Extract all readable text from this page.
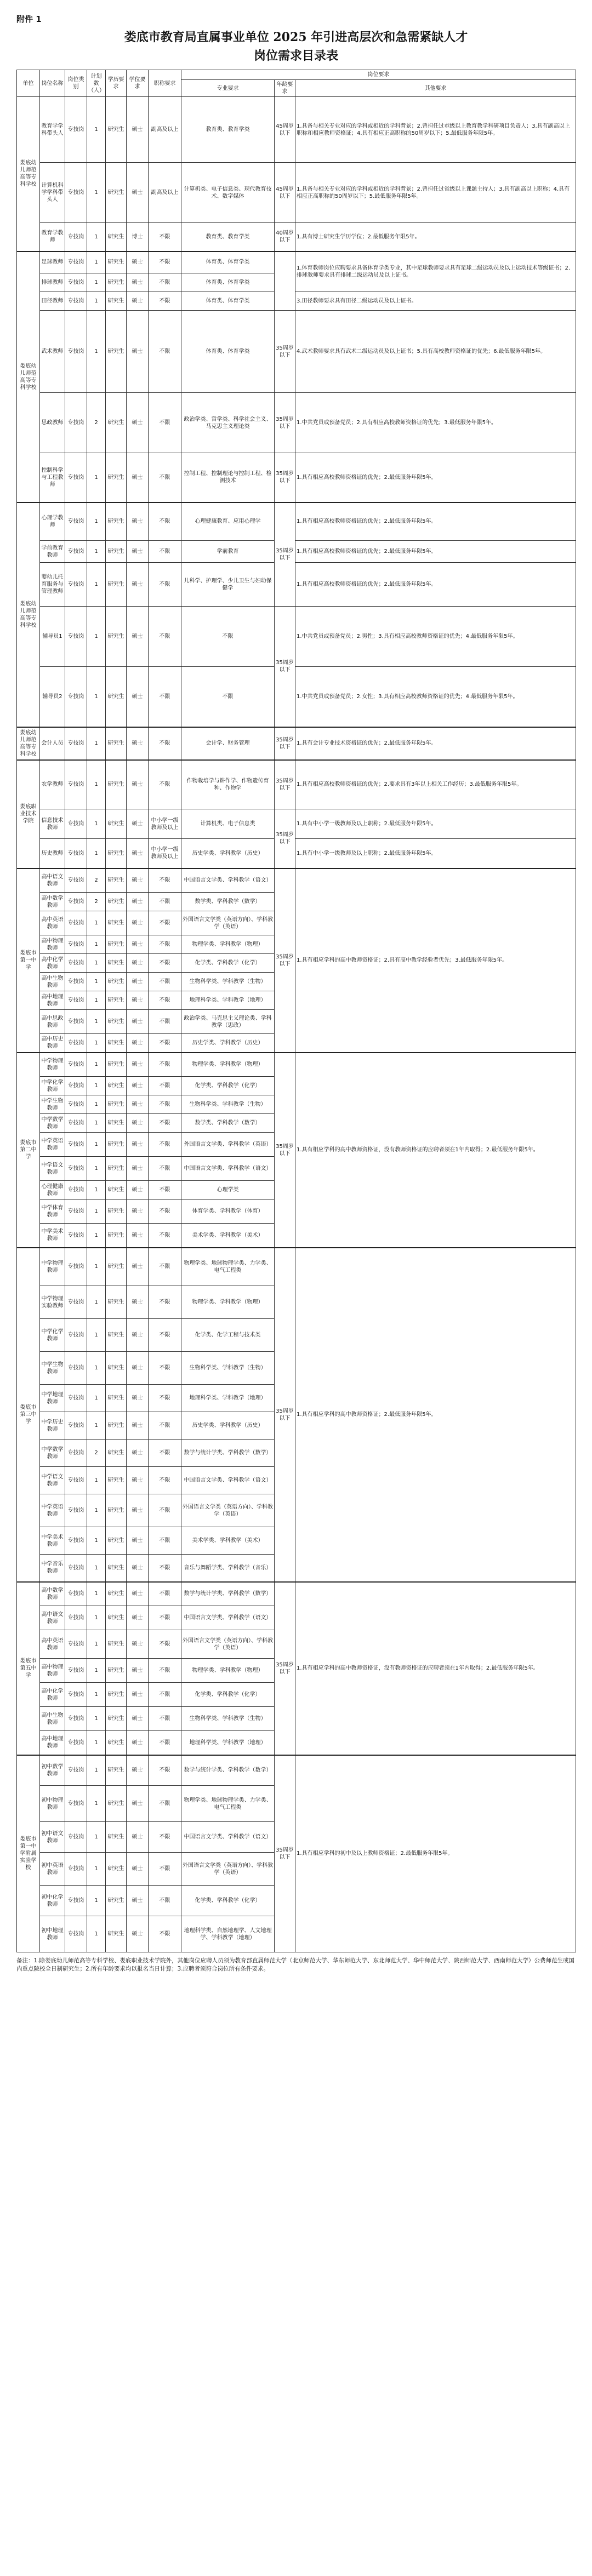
附件 1
娄底市教育局直属事业单位 2025 年引进高层次和急需紧缺人才
岗位需求目录表
单位	岗位名称	岗位类别	计划数（人）	学历要求	学位要求	职称要求	岗位要求		
							专业要求	年龄要求	其他要求
娄底幼儿师范高等专科学校	教育学学科带头人	专技岗	1	研究生	硕士	副高及以上	教育类、教育学类	45周岁以下	1.具备与相关专业对应的学科或相近的学科背景；2.曾担任过市级以上教育教学科研项目负责人；3.具有副高以上职称和相应教师资格证；4.具有相应正高职称的50周岁以下；5.最低服务年限5年。
	计算机科学学科带头人	专技岗	1	研究生	硕士	副高及以上	计算机类、电子信息类、现代教育技术、数字媒体	45周岁以下	1.具备与相关专业对应的学科或相近的学科背景；2.曾担任过省级以上课题主持人；3.具有副高以上职称；4.具有相应正高职称的50周岁以下；5.最低服务年限5年。
	教育学教师	专技岗	1	研究生	博士	不限	教育类、教育学类	40周岁以下	1.具有博士研究生学历学位；2.最低服务年限5年。
娄底幼儿师范高等专科学校	足球教师	专技岗	1	研究生	硕士	不限	体育类、体育学类		1.体育教师岗位应聘要求具备体育学类专业，其中足球教师要求具有足球二级运动员及以上运动技术等级证书；2.排球教师要求具有排球二级运动员及以上证书。
	排球教师	专技岗	1	研究生	硕士	不限	体育类、体育学类		
	田径教师	专技岗	1	研究生	硕士	不限	体育类、体育学类		3.田径教师要求具有田径二级运动员及以上证书。
	武术教师	专技岗	1	研究生	硕士	不限	体育类、体育学类	35周岁以下	4.武术教师要求具有武术二级运动员及以上证书；5.具有高校教师资格证的优先；6.最低服务年限5年。
	思政教师	专技岗	2	研究生	硕士	不限	政治学类、哲学类、科学社会主义、马克思主义理论类	35周岁以下	1.中共党员或预备党员；2.具有相应高校教师资格证的优先；3.最低服务年限5年。
	控制科学与工程教师	专技岗	1	研究生	硕士	不限	控制工程、控制理论与控制工程、检测技术	35周岁以下	1.具有相应高校教师资格证的优先；2.最低服务年限5年。
娄底幼儿师范高等专科学校	心理学教师	专技岗	1	研究生	硕士	不限	心理健康教育、应用心理学	35周岁以下	1.具有相应高校教师资格证的优先；2.最低服务年限5年。
	学前教育教师	专技岗	1	研究生	硕士	不限	学前教育		1.具有相应高校教师资格证的优先；2.最低服务年限5年。
	婴幼儿托育服务与管理教师	专技岗	1	研究生	硕士	不限	儿科学、护理学、少儿卫生与妇幼保健学		1.具有相应高校教师资格证的优先；2.最低服务年限5年。
	辅导员1	专技岗	1	研究生	硕士	不限	不限	35周岁以下	1.中共党员或预备党员；2.男性；3.具有相应高校教师资格证的优先；4.最低服务年限5年。
	辅导员2	专技岗	1	研究生	硕士	不限	不限		1.中共党员或预备党员；2.女性；3.具有相应高校教师资格证的优先；4.最低服务年限5年。
娄底幼儿师范高等专科学校	会计人员	专技岗	1	研究生	硕士	不限	会计学、财务管理	35周岁以下	1.具有会计专业技术资格证的优先；2.最低服务年限5年。
娄底职业技术学院	农学教师	专技岗	1	研究生	硕士	不限	作物栽培学与耕作学、作物遗传育种、作物学	35周岁以下	1.具有相应高校教师资格证的优先；2.要求具有3年以上相关工作经历；3.最低服务年限5年。
	信息技术教师	专技岗	1	研究生	硕士	中小学一级教师及以上	计算机类、电子信息类	35周岁以下	1.具有中小学一级教师及以上职称；2.最低服务年限5年。
	历史教师	专技岗	1	研究生	硕士	中小学一级教师及以上	历史学类、学科教学（历史）		1.具有中小学一级教师及以上职称；2.最低服务年限5年。
娄底市第一中学	高中语文教师	专技岗	2	研究生	硕士	不限	中国语言文学类、学科教学（语文）	35周岁以下	1.具有相应学科的高中教师资格证；2.具有高中教学经验者优先；3.最低服务年限5年。
	高中数学教师	专技岗	2	研究生	硕士	不限	数学类、学科教学（数学）		
	高中英语教师	专技岗	1	研究生	硕士	不限	外国语言文学类（英语方向）、学科教学（英语）		
	高中物理教师	专技岗	1	研究生	硕士	不限	物理学类、学科教学（物理）		
	高中化学教师	专技岗	1	研究生	硕士	不限	化学类、学科教学（化学）		
	高中生物教师	专技岗	1	研究生	硕士	不限	生物科学类、学科教学（生物）		
	高中地理教师	专技岗	1	研究生	硕士	不限	地理科学类、学科教学（地理）		
	高中思政教师	专技岗	1	研究生	硕士	不限	政治学类、马克思主义理论类、学科教学（思政）		
	高中历史教师	专技岗	1	研究生	硕士	不限	历史学类、学科教学（历史）		
娄底市第二中学	中学物理教师	专技岗	1	研究生	硕士	不限	物理学类、学科教学（物理）	35周岁以下	1.具有相应学科的高中教师资格证，没有教师资格证的应聘者须在1年内取得；2.最低服务年限5年。
	中学化学教师	专技岗	1	研究生	硕士	不限	化学类、学科教学（化学）		
	中学生物教师	专技岗	1	研究生	硕士	不限	生物科学类、学科教学（生物）		
	中学数学教师	专技岗	1	研究生	硕士	不限	数学类、学科教学（数学）		
	中学英语教师	专技岗	1	研究生	硕士	不限	外国语言文学类、学科教学（英语）		
	中学语文教师	专技岗	1	研究生	硕士	不限	中国语言文学类、学科教学（语文）		
	心理健康教师	专技岗	1	研究生	硕士	不限	心理学类		
	中学体育教师	专技岗	1	研究生	硕士	不限	体育学类、学科教学（体育）		
	中学美术教师	专技岗	1	研究生	硕士	不限	美术学类、学科教学（美术）		
娄底市第三中学	中学物理教师	专技岗	1	研究生	硕士	不限	物理学类、地球物理学类、力学类、电气工程类	35周岁以下	1.具有相应学科的高中教师资格证；2.最低服务年限5年。
	中学物理实验教师	专技岗	1	研究生	硕士	不限	物理学类、学科教学（物理）		
	中学化学教师	专技岗	1	研究生	硕士	不限	化学类、化学工程与技术类		
	中学生物教师	专技岗	1	研究生	硕士	不限	生物科学类、学科教学（生物）		
	中学地理教师	专技岗	1	研究生	硕士	不限	地理科学类、学科教学（地理）		
	中学历史教师	专技岗	1	研究生	硕士	不限	历史学类、学科教学（历史）		
	中学数学教师	专技岗	2	研究生	硕士	不限	数学与统计学类、学科教学（数学）		
	中学语文教师	专技岗	1	研究生	硕士	不限	中国语言文学类、学科教学（语文）		
	中学英语教师	专技岗	1	研究生	硕士	不限	外国语言文学类（英语方向）、学科教学（英语）		
	中学美术教师	专技岗	1	研究生	硕士	不限	美术学类、学科教学（美术）		
	中学音乐教师	专技岗	1	研究生	硕士	不限	音乐与舞蹈学类、学科教学（音乐）		
娄底市第五中学	高中数学教师	专技岗	1	研究生	硕士	不限	数学与统计学类、学科教学（数学）	35周岁以下	1.具有相应学科的高中教师资格证，没有教师资格证的应聘者须在1年内取得；2.最低服务年限5年。
	高中语文教师	专技岗	1	研究生	硕士	不限	中国语言文学类、学科教学（语文）		
	高中英语教师	专技岗	1	研究生	硕士	不限	外国语言文学类（英语方向）、学科教学（英语）		
	高中物理教师	专技岗	1	研究生	硕士	不限	物理学类、学科教学（物理）		
	高中化学教师	专技岗	1	研究生	硕士	不限	化学类、学科教学（化学）		
	高中生物教师	专技岗	1	研究生	硕士	不限	生物科学类、学科教学（生物）		
	高中地理教师	专技岗	1	研究生	硕士	不限	地理科学类、学科教学（地理）		
娄底市第一中学附属实验学校	初中数学教师	专技岗	1	研究生	硕士	不限	数学与统计学类、学科教学（数学）	35周岁以下	1.具有相应学科的初中及以上教师资格证；2.最低服务年限5年。
	初中物理教师	专技岗	1	研究生	硕士	不限	物理学类、地球物理学类、力学类、电气工程类		
	初中语文教师	专技岗	1	研究生	硕士	不限	中国语言文学类、学科教学（语文）		
	初中英语教师	专技岗	1	研究生	硕士	不限	外国语言文学类（英语方向）、学科教学（英语）		
	初中化学教师	专技岗	1	研究生	硕士	不限	化学类、学科教学（化学）		
	初中地理教师	专技岗	1	研究生	硕士	不限	地理科学类、自然地理学、人文地理学、学科教学（地理）		
备注：1.除娄底幼儿师范高等专科学校、娄底职业技术学院外，其他岗位应聘人员须为教育部直属师范大学（北京师范大学、华东师范大学、东北师范大学、华中师范大学、陕西师范大学、西南师范大学）公费师范生或国内重点院校全日制研究生；2.所有年龄要求均以报名当日计算；3.应聘者须符合岗位所有条件要求。
